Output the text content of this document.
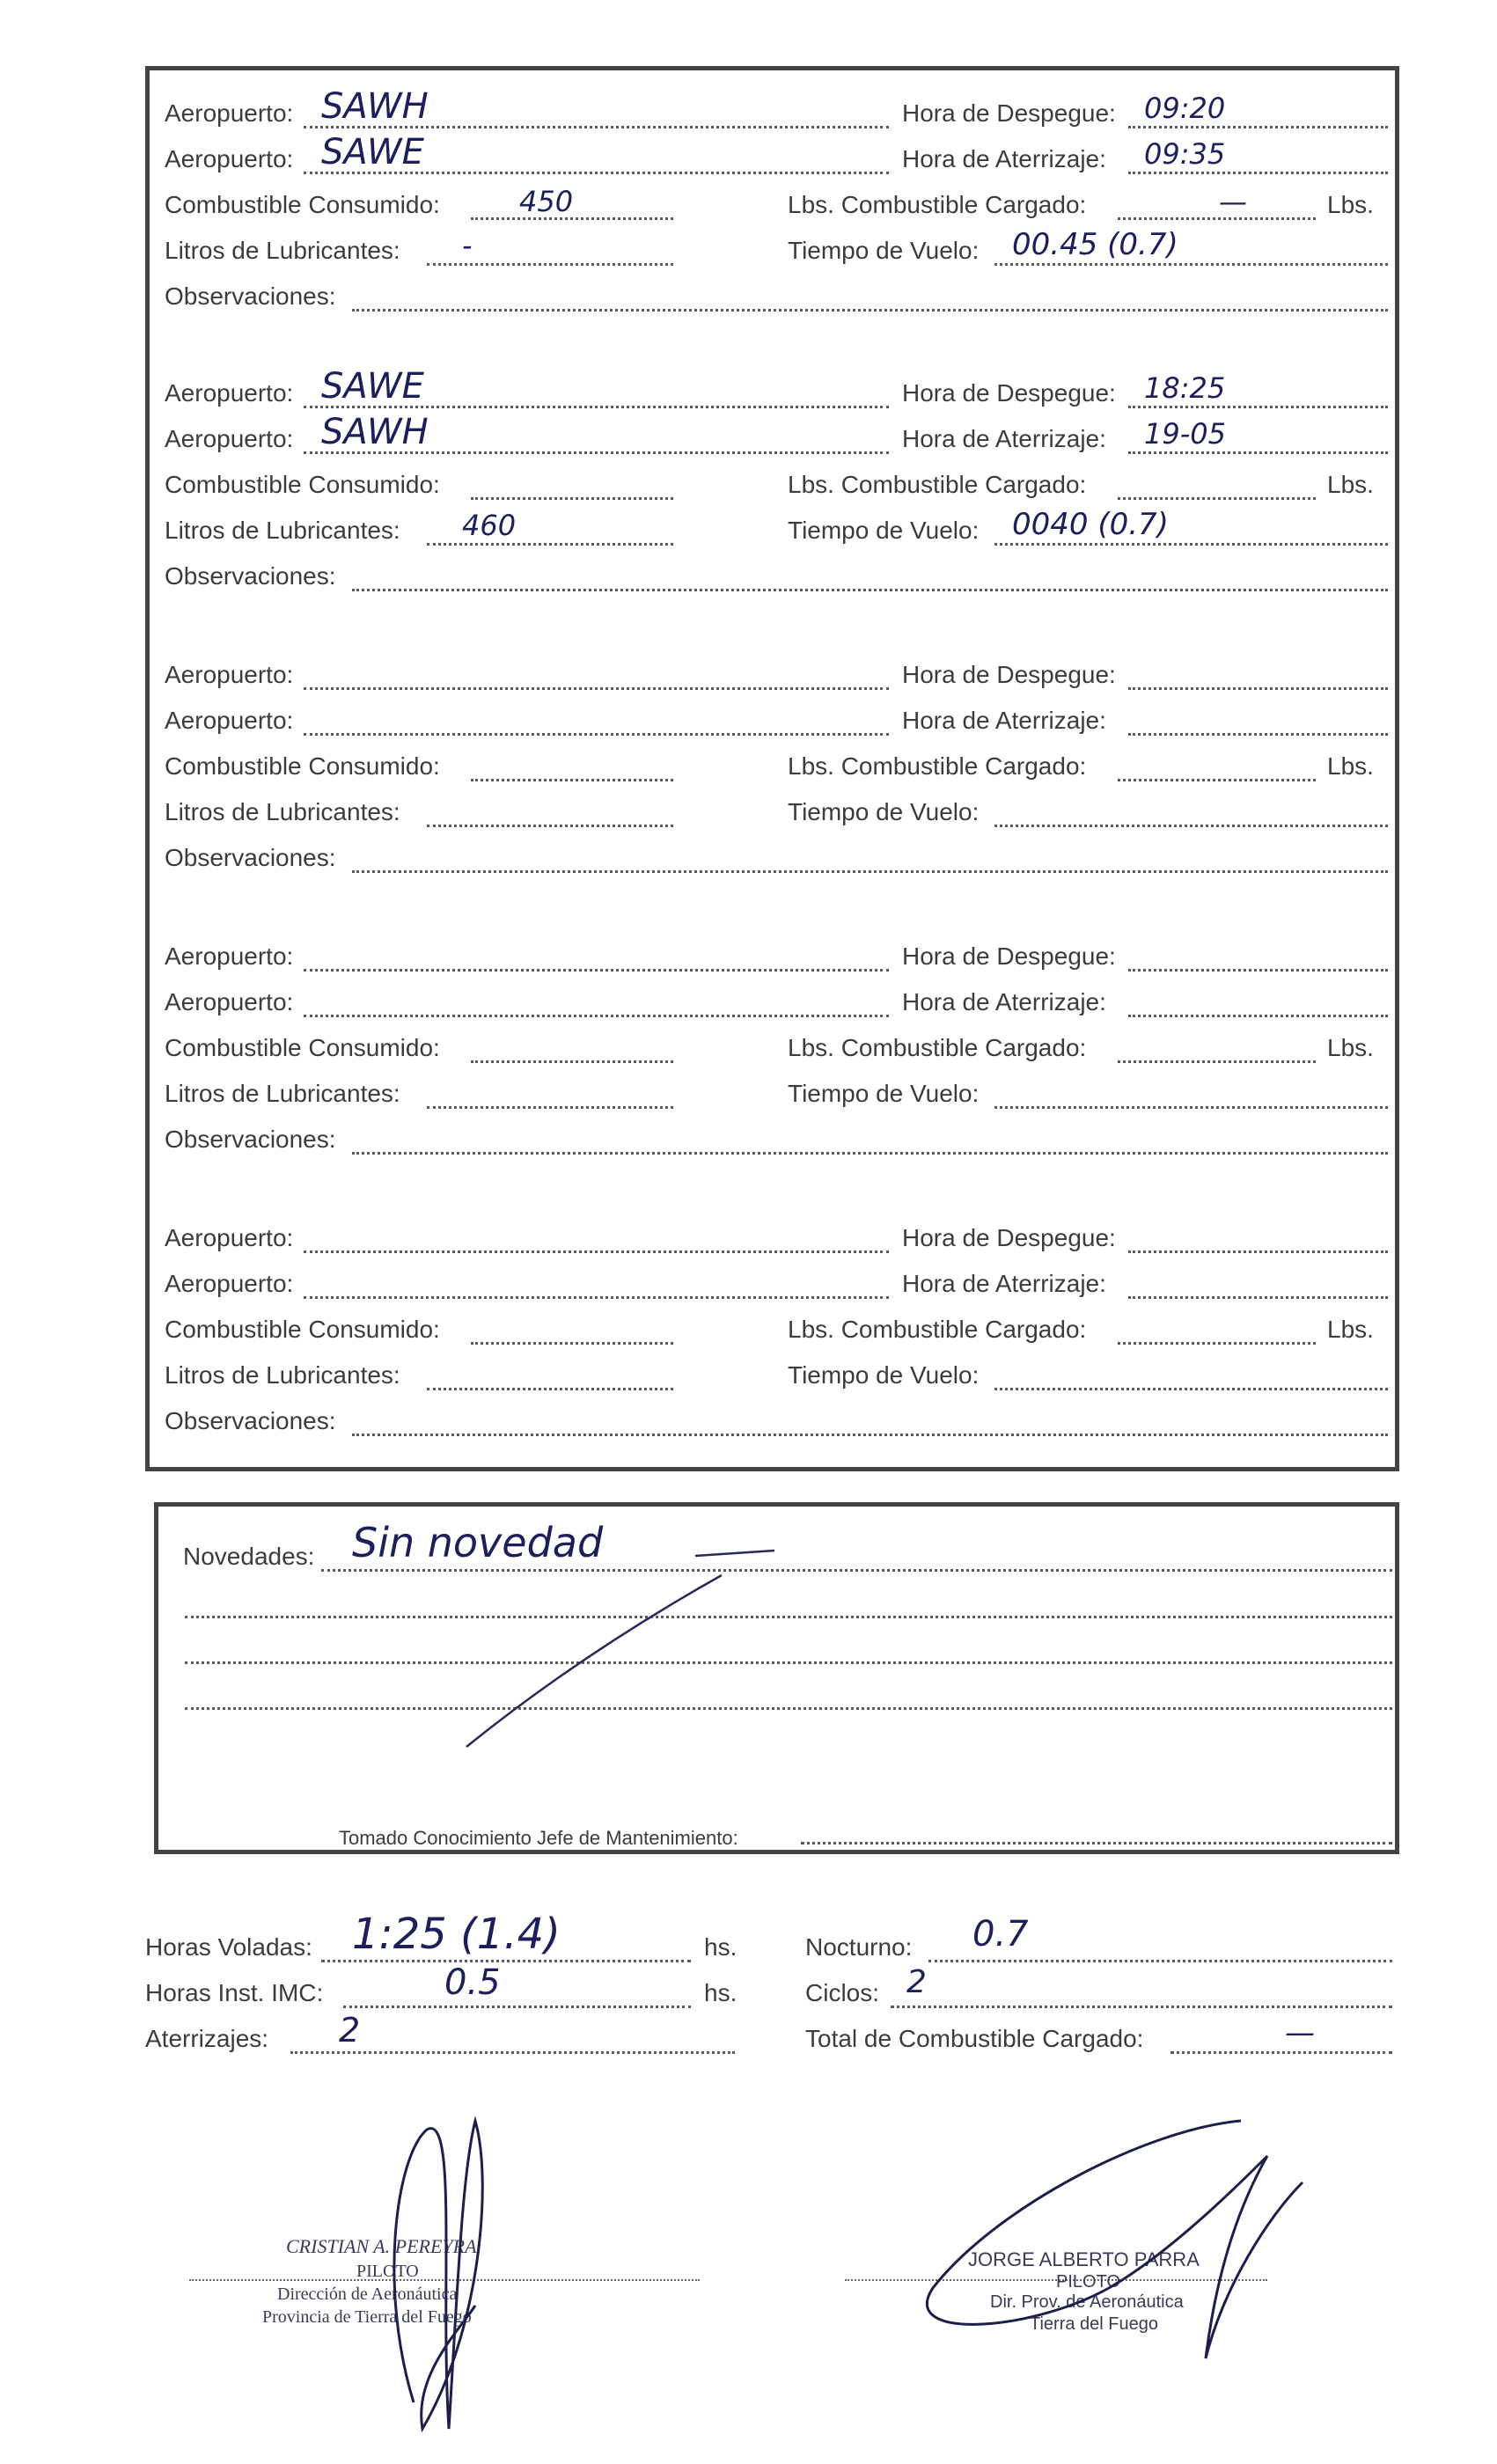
Aeropuerto: SAWH	Hora de Despegue: 09:20
Aeropuerto: SAWE	Hora de Aterrizaje: 09:35
Combustible Consumido:	450	Lbs. Combustible Cargado:	—	Lbs.
Litros de Lubricantes: -	Tiempo de Vuelo: 00.45 (0.7)
Observaciones:
Aeropuerto: SAWE	Hora de Despegue: 18:25
Aeropuerto: SAWH	Hora de Aterrizaje: 19-05
Combustible Consumido:	Lbs. Combustible Cargado:	Lbs.
Litros de Lubricantes: 460	Tiempo de Vuelo: 0040 (0.7)
Observaciones:
Aeropuerto:	Hora de Despegue:
Aeropuerto:	Hora de Aterrizaje:
Combustible Consumido:	Lbs. Combustible Cargado:	Lbs.
Litros de Lubricantes:	Tiempo de Vuelo:
Observaciones:
Aeropuerto:	Hora de Despegue:
Aeropuerto:	Hora de Aterrizaje:
Combustible Consumido:	Lbs. Combustible Cargado:	Lbs.
Litros de Lubricantes:	Tiempo de Vuelo:
Observaciones:
Aeropuerto:	Hora de Despegue:
Aeropuerto:	Hora de Aterrizaje:
Combustible Consumido:	Lbs. Combustible Cargado:	Lbs.
Litros de Lubricantes:	Tiempo de Vuelo:
Observaciones:
Novedades: Sin novedad
Tomado Conocimiento Jefe de Mantenimiento:
Horas Voladas: 1:25 (1.4)	hs.
Horas Inst. IMC:	0.5	hs.
Aterrizajes: 2
Nocturno: 0.7
Ciclos: 2
Total de Combustible Cargado:	—
CRISTIAN A. PEREYRA
PILOTO
Dirección de Aeronáutica
Provincia de Tierra del Fuego
JORGE ALBERTO PARRA
PILOTO
Dir. Prov. de Aeronáutica
Tierra del Fuego
